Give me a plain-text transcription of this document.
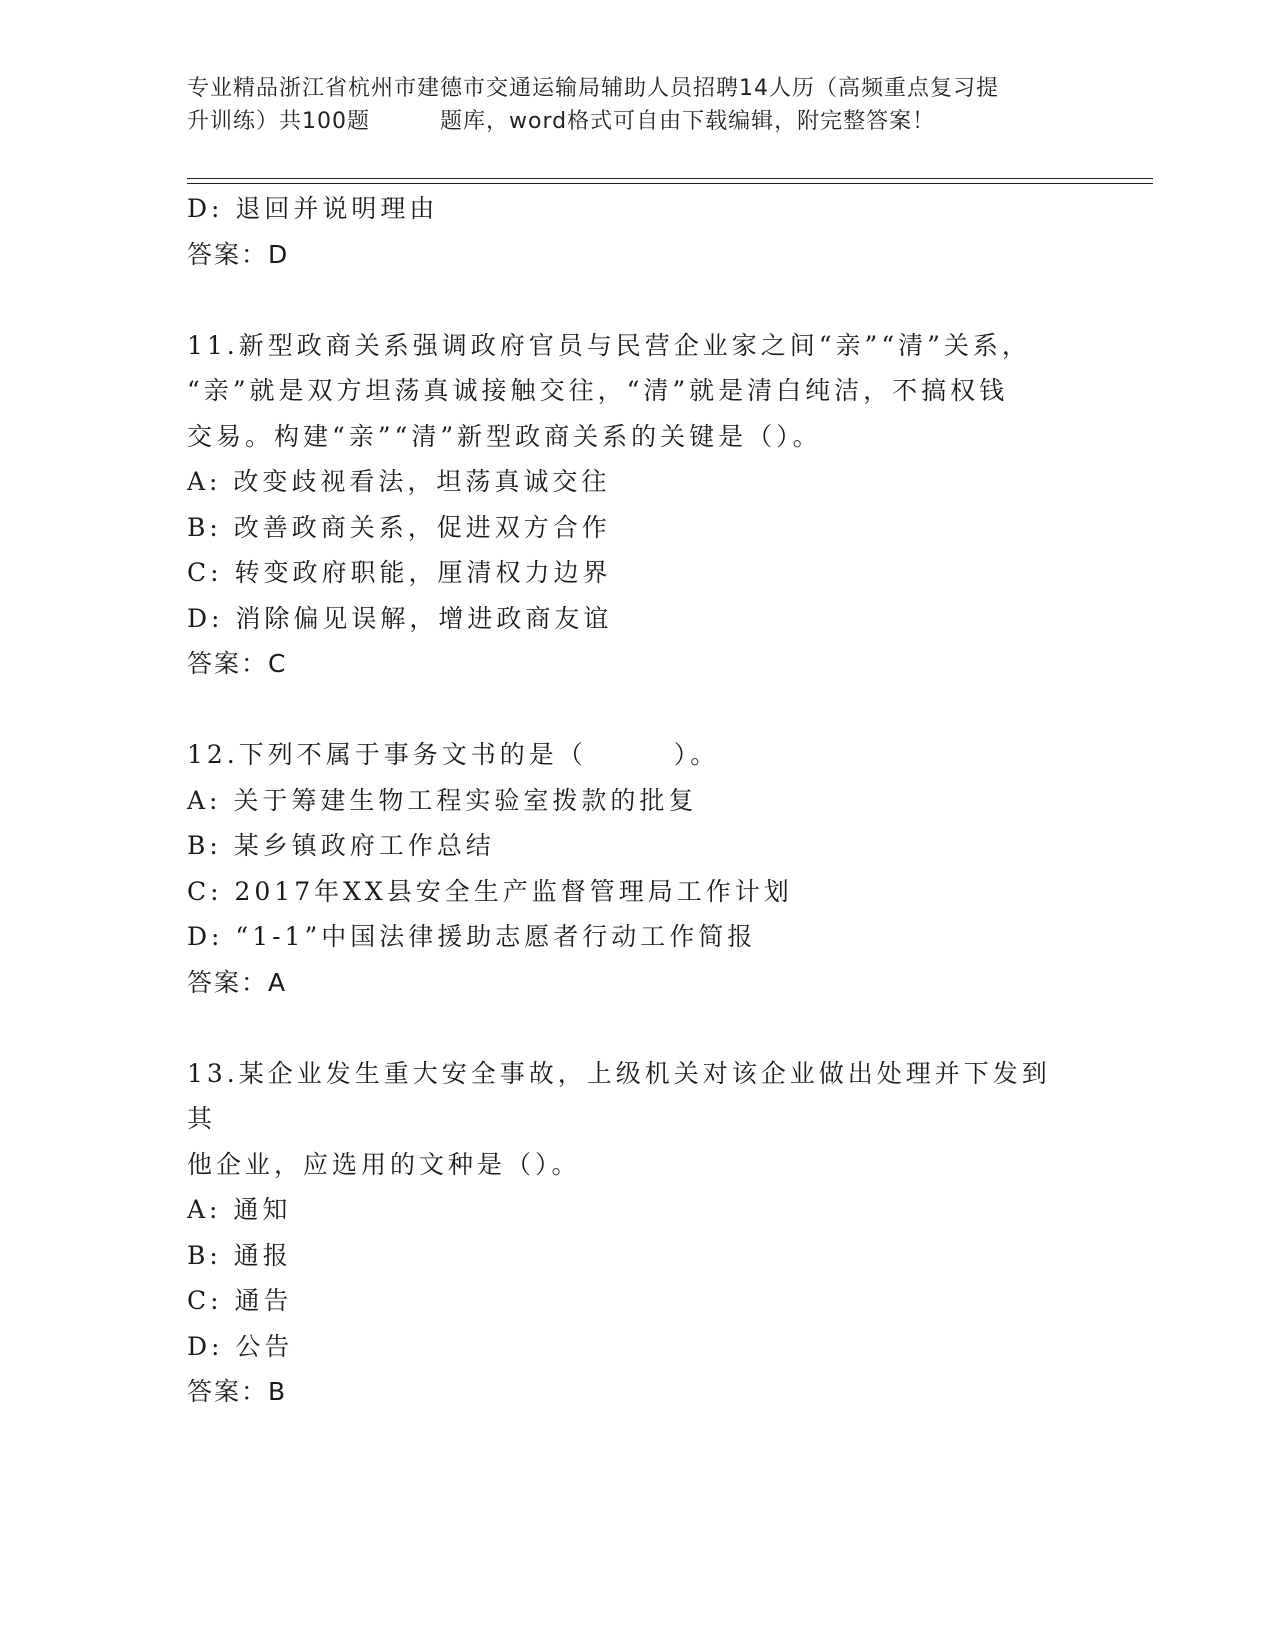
专业精品浙江省杭州市建德市交通运输局辅助人员招聘14人历（高频重点复习提
升训练）共100题	题库，word格式可自由下载编辑，附完整答案！
D: 退回并说明理由
答案：D
11.新型政商关系强调政府官员与民营企业家之间“亲”“清”关系，
“亲”就是双方坦荡真诚接触交往，“清”就是清白纯洁，不搞权钱
交易。构建“亲”“清”新型政商关系的关键是（）。
A: 改变歧视看法，坦荡真诚交往
B: 改善政商关系，促进双方合作
C: 转变政府职能，厘清权力边界
D: 消除偏见误解，增进政商友谊
答案：C
12.下列不属于事务文书的是（　　　）。
A: 关于筹建生物工程实验室拨款的批复
B: 某乡镇政府工作总结
C: 2017年XX县安全生产监督管理局工作计划
D: “1-1”中国法律援助志愿者行动工作简报
答案：A
13.某企业发生重大安全事故，上级机关对该企业做出处理并下发到其
他企业，应选用的文种是（）。
A: 通知
B: 通报
C: 通告
D: 公告
答案：B
